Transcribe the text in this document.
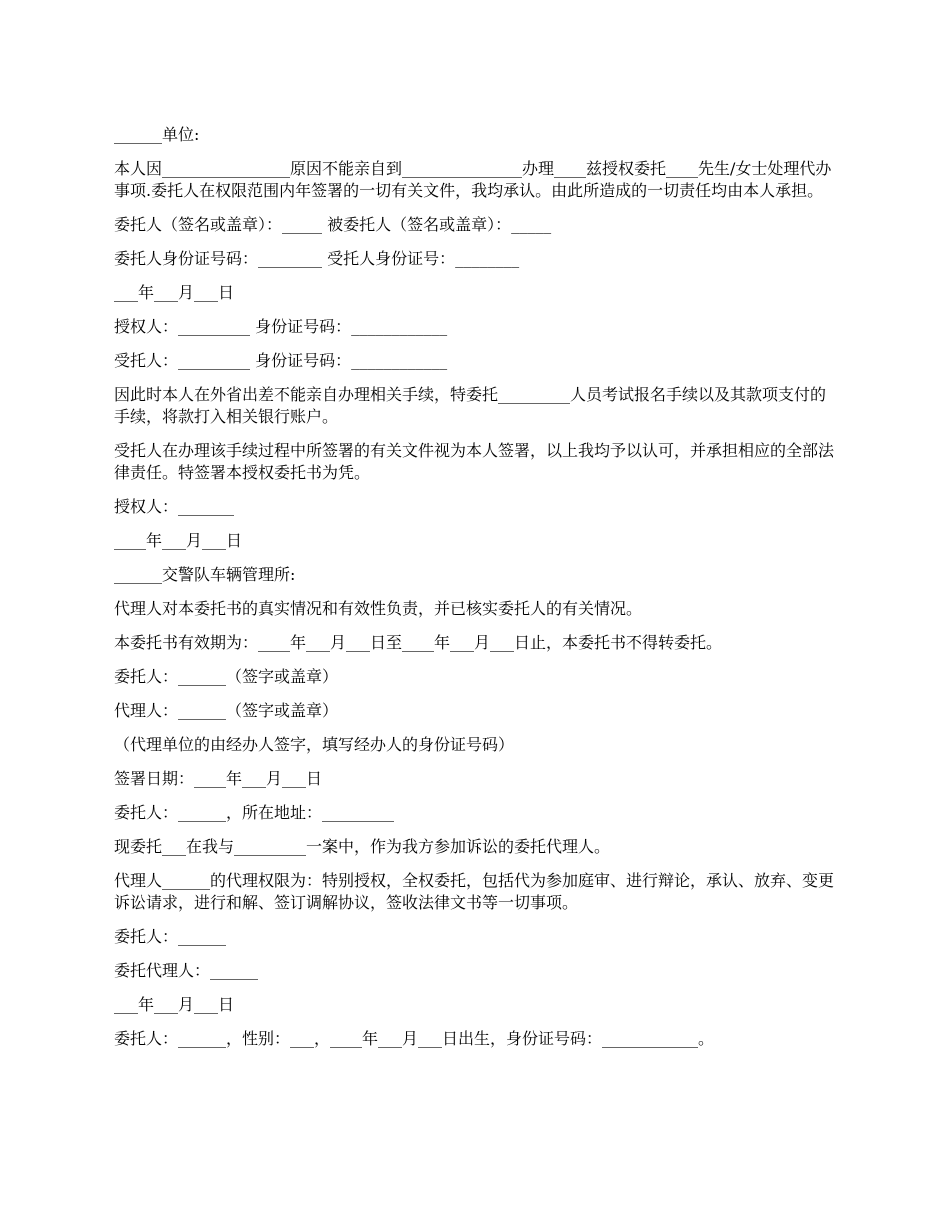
______单位:

本人因________________原因不能亲自到_______________办理____兹授权委托____先生/女士处理代办事项.委托人在权限范围内年签署的一切有关文件，我均承认。由此所造成的一切责任均由本人承担。

委托人（签名或盖章）：_____ 被委托人（签名或盖章）：_____

委托人身份证号码：________ 受托人身份证号：________

___年___月___日

授权人：_________ 身份证号码：____________

受托人：_________ 身份证号码：____________

因此时本人在外省出差不能亲自办理相关手续，特委托_________人员考试报名手续以及其款项支付的手续，将款打入相关银行账户。

受托人在办理该手续过程中所签署的有关文件视为本人签署，以上我均予以认可，并承担相应的全部法律责任。特签署本授权委托书为凭。

授权人：_______

____年___月___日

______交警队车辆管理所:

代理人对本委托书的真实情况和有效性负责，并已核实委托人的有关情况。

本委托书有效期为：____年___月___日至____年___月___日止，本委托书不得转委托。

委托人：______（签字或盖章）

代理人：______（签字或盖章）

（代理单位的由经办人签字，填写经办人的身份证号码）

签署日期：____年___月___日

委托人：______，所在地址：_________

现委托___在我与_________一案中，作为我方参加诉讼的委托代理人。

代理人______的代理权限为：特别授权，全权委托，包括代为参加庭审、进行辩论，承认、放弃、变更诉讼请求，进行和解、签订调解协议，签收法律文书等一切事项。

委托人：______

委托代理人：______

___年___月___日

委托人：______，性别：___，____年___月___日出生，身份证号码：____________。
